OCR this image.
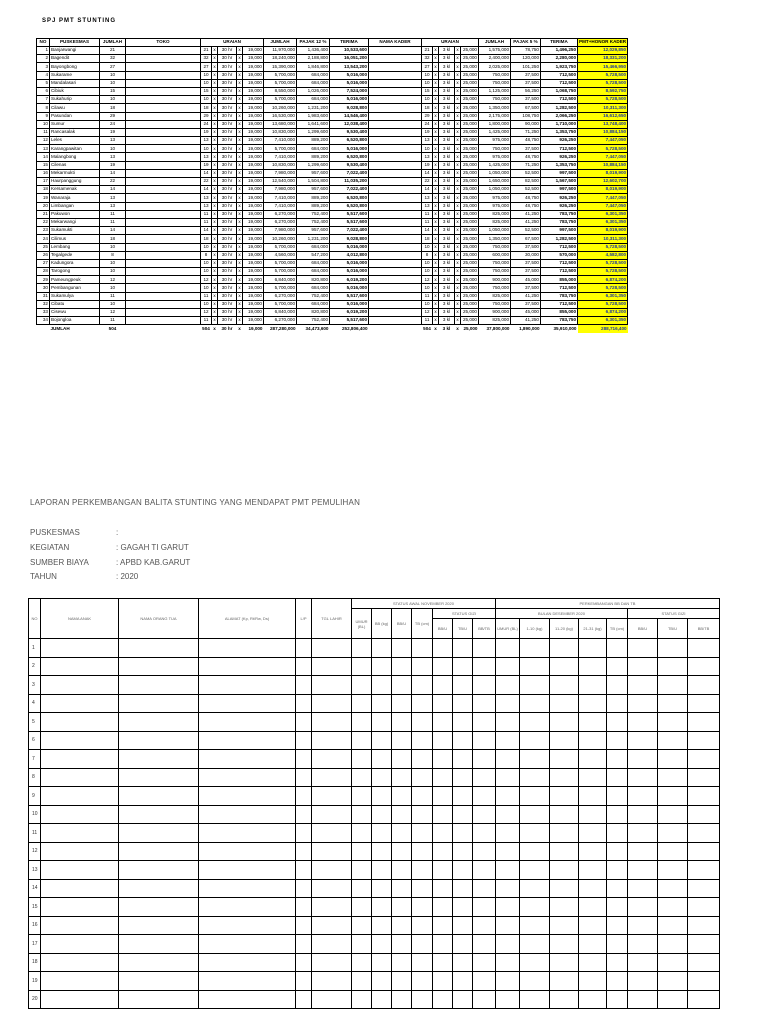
SPJ PMT STUNTING
NO	PUSKESMAS	JUMLAH	TOKO	URAIAN					JUMLAH	PAJAK 12 %	TERIMA	NAMA KADER	URAIAN					JUMLAH	PAJAK 5 %	TERIMA	PMT+HONOR KADER
1	Banjarwangi	21		21	x	30 hr	x	19,000	11,970,000	1,436,400	10,533,600		21	x	3 kl	x	25,000	1,575,000	78,750	1,496,250	12,029,850
2	Bagendit	32		32	x	30 hr	x	19,000	18,240,000	2,188,800	16,051,200		32	x	3 kl	x	25,000	2,400,000	120,000	2,280,000	18,331,200
3	Bayongbong	27		27	x	30 hr	x	19,000	15,390,000	1,846,800	13,543,200		27	x	3 kl	x	25,000	2,025,000	101,250	1,923,750	15,466,950
4	Sukarame	10		10	x	30 hr	x	19,000	5,700,000	684,000	5,016,000		10	x	3 kl	x	25,000	750,000	37,500	712,500	5,728,500
5	Mandalasari	10		10	x	30 hr	x	19,000	5,700,000	684,000	5,016,000		10	x	3 kl	x	25,000	750,000	37,500	712,500	5,728,500
6	Cibiuk	15		15	x	30 hr	x	19,000	8,550,000	1,026,000	7,524,000		15	x	3 kl	x	25,000	1,125,000	56,250	1,068,750	8,592,750
7	Sukahurip	10		10	x	30 hr	x	19,000	5,700,000	684,000	5,016,000		10	x	3 kl	x	25,000	750,000	37,500	712,500	5,728,500
8	Cilawu	18		18	x	30 hr	x	19,000	10,260,000	1,231,200	9,028,800		18	x	3 kl	x	25,000	1,350,000	67,500	1,282,500	10,311,300
9	Pasundan	29		29	x	30 hr	x	19,000	16,530,000	1,983,600	14,546,400		29	x	3 kl	x	25,000	2,175,000	108,750	2,066,250	16,612,650
10	Sumur	24		24	x	30 hr	x	19,000	13,680,000	1,641,600	12,038,400		24	x	3 kl	x	25,000	1,800,000	90,000	1,710,000	13,748,400
11	Rancasalak	19		19	x	30 hr	x	19,000	10,830,000	1,299,600	9,530,400		19	x	3 kl	x	25,000	1,425,000	71,250	1,353,750	10,884,150
12	Leles	13		13	x	30 hr	x	19,000	7,410,000	889,200	6,520,800		13	x	3 kl	x	25,000	975,000	48,750	926,250	7,447,050
13	Karangpawitan	10		10	x	30 hr	x	19,000	5,700,000	684,000	5,016,000		10	x	3 kl	x	25,000	750,000	37,500	712,500	5,728,500
14	Malangbong	13		13	x	30 hr	x	19,000	7,410,000	889,200	6,520,800		13	x	3 kl	x	25,000	975,000	48,750	926,250	7,447,050
15	Cilenas	19		19	x	30 hr	x	19,000	10,830,000	1,299,600	9,530,400		19	x	3 kl	x	25,000	1,425,000	71,250	1,353,750	10,884,150
16	Mekarmukti	14		14	x	30 hr	x	19,000	7,980,000	957,600	7,022,400		14	x	3 kl	x	25,000	1,050,000	52,500	997,500	8,019,900
17	Haurpanggung	22		22	x	30 hr	x	19,000	12,540,000	1,504,800	11,035,200		22	x	3 kl	x	25,000	1,650,000	82,500	1,567,500	12,602,700
18	Kersamenak	14		14	x	30 hr	x	19,000	7,980,000	957,600	7,022,400		14	x	3 kl	x	25,000	1,050,000	52,500	997,500	8,019,900
19	Wanaraja	13		13	x	30 hr	x	19,000	7,410,000	889,200	6,520,800		13	x	3 kl	x	25,000	975,000	48,750	926,250	7,447,050
20	Limbangan	13		13	x	30 hr	x	19,000	7,410,000	889,200	6,520,800		13	x	3 kl	x	25,000	975,000	48,750	926,250	7,447,050
21	Pakuwon	11		11	x	30 hr	x	19,000	6,270,000	752,400	5,517,600		11	x	3 kl	x	25,000	825,000	41,250	783,750	6,301,350
22	Mekarwangi	11		11	x	30 hr	x	19,000	6,270,000	752,400	5,517,600		11	x	3 kl	x	25,000	825,000	41,250	783,750	6,301,350
23	Sukamukti	14		14	x	30 hr	x	19,000	7,980,000	957,600	7,022,400		14	x	3 kl	x	25,000	1,050,000	52,500	997,500	8,019,900
24	Cilimus	18		18	x	30 hr	x	19,000	10,260,000	1,231,200	9,028,800		18	x	3 kl	x	25,000	1,350,000	67,500	1,282,500	10,311,300
25	Lembang	10		10	x	30 hr	x	19,000	5,700,000	684,000	5,016,000		10	x	3 kl	x	25,000	750,000	37,500	712,500	5,728,500
26	Tegalgede	8		8	x	30 hr	x	19,000	4,560,000	547,200	4,012,800		8	x	3 kl	x	25,000	600,000	30,000	570,000	4,582,800
27	Kadungora	10		10	x	30 hr	x	19,000	5,700,000	684,000	5,016,000		10	x	3 kl	x	25,000	750,000	37,500	712,500	5,728,500
28	Tarogong	10		10	x	30 hr	x	19,000	5,700,000	684,000	5,016,000		10	x	3 kl	x	25,000	750,000	37,500	712,500	5,728,500
29	Pameungpeuk	12		12	x	30 hr	x	19,000	6,840,000	820,800	6,019,200		12	x	3 kl	x	25,000	900,000	45,000	855,000	6,874,200
30	Pembangunan	10		10	x	30 hr	x	19,000	5,700,000	684,000	5,016,000		10	x	3 kl	x	25,000	750,000	37,500	712,500	5,728,500
31	Sukamulya	11		11	x	30 hr	x	19,000	6,270,000	752,400	5,517,600		11	x	3 kl	x	25,000	825,000	41,250	783,750	6,301,350
32	Cibatu	10		10	x	30 hr	x	19,000	5,700,000	684,000	5,016,000		10	x	3 kl	x	25,000	750,000	37,500	712,500	5,728,500
33	Cisewu	12		12	x	30 hr	x	19,000	6,840,000	820,800	6,019,200		12	x	3 kl	x	25,000	900,000	45,000	855,000	6,874,200
34	Bojongloa	11		11	x	30 hr	x	19,000	6,270,000	752,400	5,517,600		11	x	3 kl	x	25,000	825,000	41,250	783,750	6,301,350
	JUMLAH	504		504	x	30 hr	x	19,000	287,280,000	34,473,600	252,806,400		504	x	3 kl	x	25,000	37,800,000	1,890,000	35,910,000	288,716,400
LAPORAN PERKEMBANGAN BALITA STUNTING YANG MENDAPAT PMT PEMULIHAN
PUSKESMAS	:
KEGIATAN	: GAGAH TI GARUT
SUMBER BIAYA	: APBD KAB.GARUT
TAHUN	: 2020
NO	NAMA ANAK	NAMA ORANG TUA	ALAMAT (Kp, Rt/Rw, Ds)	L/P	TGL LAHIR	STATUS AWAL NOVEMBER 2020							PERKEMBANGAN BB DAN TB							
						UMUR (BL)	BB (kg)	BB/U	TB (cm)	STATUS GIZI			BULAN DESEMBER 2020					STATUS GIZI		
										BB/U	TB/U	BB/TB	UMUR (BL)	1-10 (kg)	11-20 (kg)	21-31 (kg)	TB (cm)	BB/U	TB/U	BB/TB
1																				
2																				
3																				
4																				
5																				
6																				
7																				
8																				
9																				
10																				
11																				
12																				
13																				
14																				
15																				
16																				
17																				
18																				
19																				
20																				
